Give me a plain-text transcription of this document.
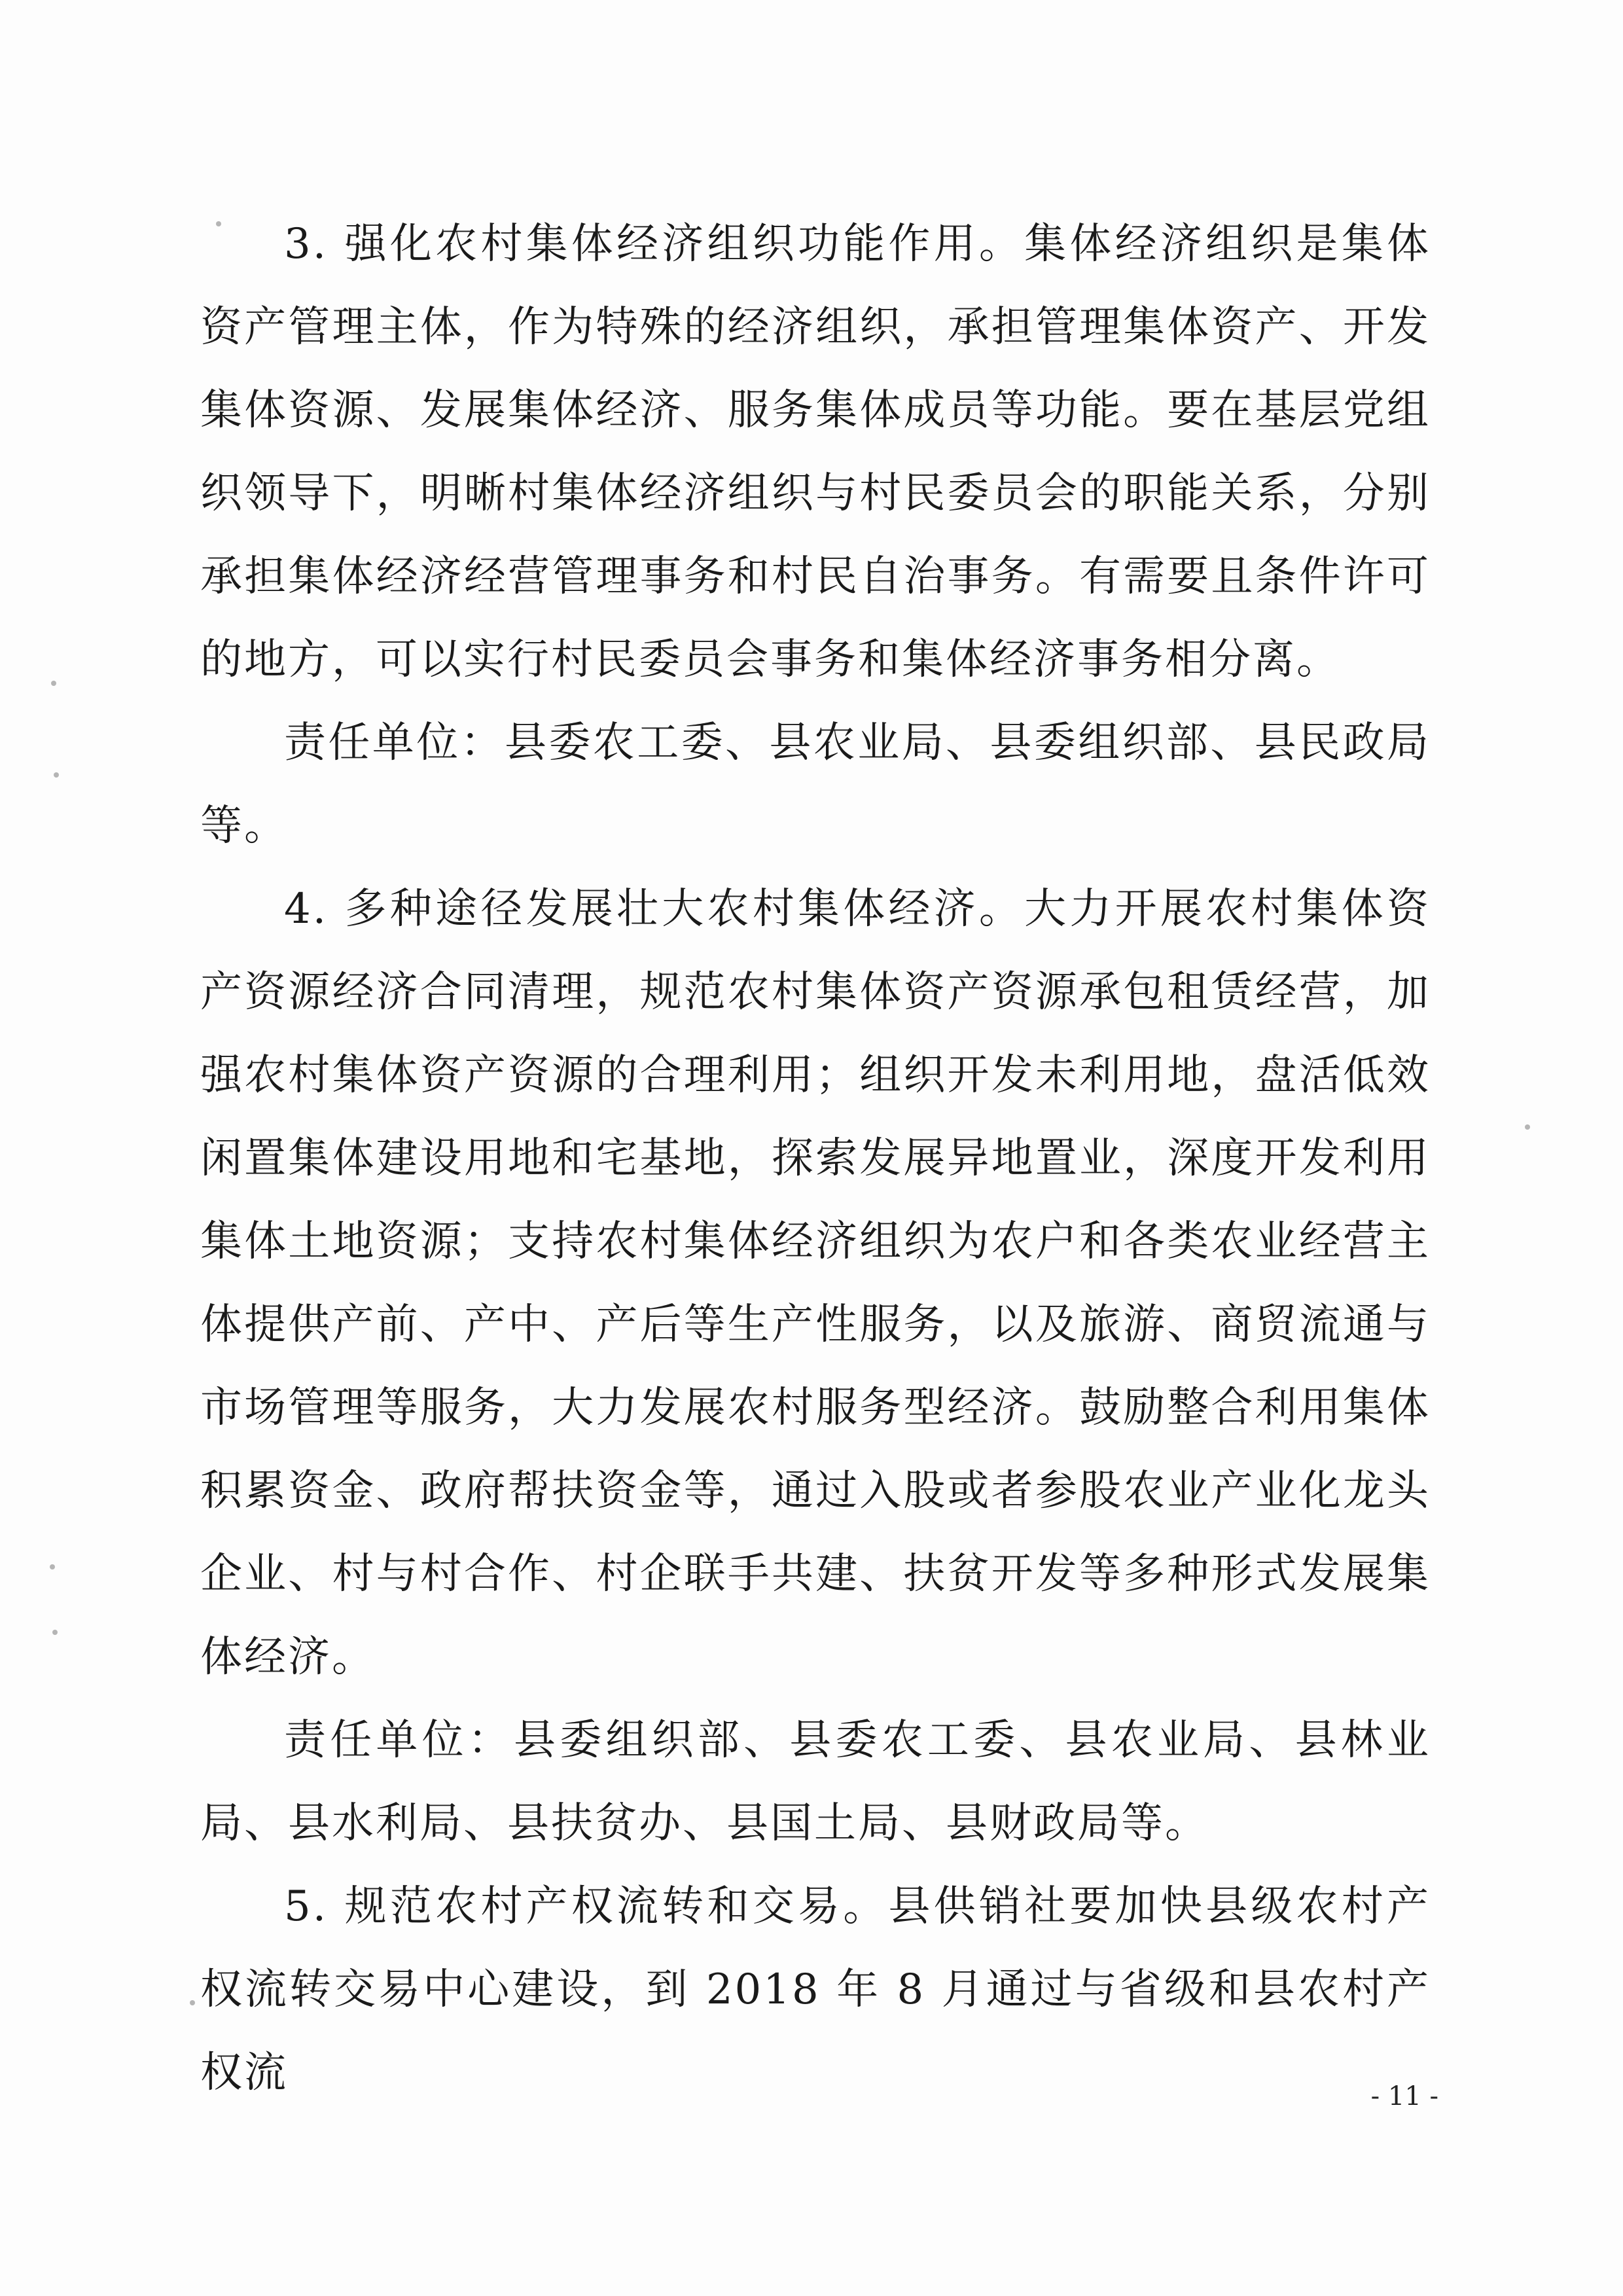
3. 强化农村集体经济组织功能作用。集体经济组织是集体资产管理主体，作为特殊的经济组织，承担管理集体资产、开发集体资源、发展集体经济、服务集体成员等功能。要在基层党组织领导下，明晰村集体经济组织与村民委员会的职能关系，分别承担集体经济经营管理事务和村民自治事务。有需要且条件许可的地方，可以实行村民委员会事务和集体经济事务相分离。

责任单位：县委农工委、县农业局、县委组织部、县民政局等。

4. 多种途径发展壮大农村集体经济。大力开展农村集体资产资源经济合同清理，规范农村集体资产资源承包租赁经营，加强农村集体资产资源的合理利用；组织开发未利用地，盘活低效闲置集体建设用地和宅基地，探索发展异地置业，深度开发利用集体土地资源；支持农村集体经济组织为农户和各类农业经营主体提供产前、产中、产后等生产性服务，以及旅游、商贸流通与市场管理等服务，大力发展农村服务型经济。鼓励整合利用集体积累资金、政府帮扶资金等，通过入股或者参股农业产业化龙头企业、村与村合作、村企联手共建、扶贫开发等多种形式发展集体经济。

责任单位：县委组织部、县委农工委、县农业局、县林业局、县水利局、县扶贫办、县国土局、县财政局等。

5. 规范农村产权流转和交易。县供销社要加快县级农村产权流转交易中心建设，到 2018 年 8 月通过与省级和县农村产权流	- 11 -
